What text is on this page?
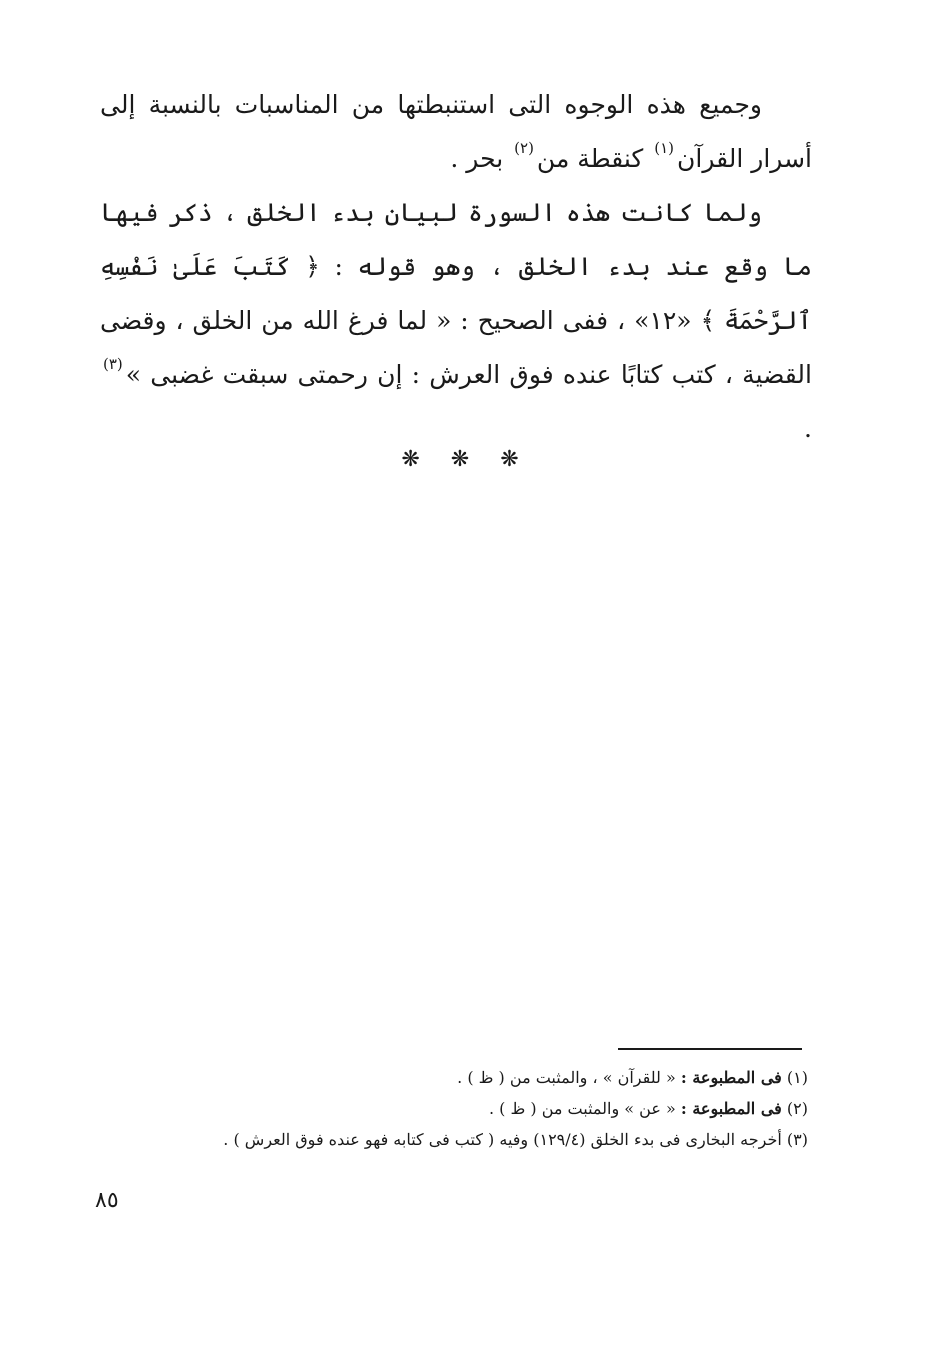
وجميع هذه الوجوه التى استنبطتها من المناسبات بالنسبة إلى أسرار القرآن$^{(١)}$ كنقطة من$^{(٢)}$ بحر .

ولما كانت هذه السورة لبيان بدء الخلق ، ذكر فيها ما وقع عند بدء الخلق ، وهو قوله : ﴿ كَتَبَ عَلَىٰ نَفْسِهِ ٱلرَّحْمَةَ ﴾ «١٢» ، ففى الصحيح : « لما فرغ الله من الخلق ، وقضى القضية ، كتب كتابًا عنده فوق العرش : إن رحمتى سبقت غضبى »$^{(٣)}$ .

❋ ❋ ❋

(١) فى المطبوعة : « للقرآن » ، والمثبت من ( ظ ) .
(٢) فى المطبوعة : « عن » والمثبت من ( ظ ) .
(٣) أخرجه البخارى فى بدء الخلق (١٢٩/٤) وفيه ( كتب فى كتابه فهو عنده فوق العرش ) .

٨٥
